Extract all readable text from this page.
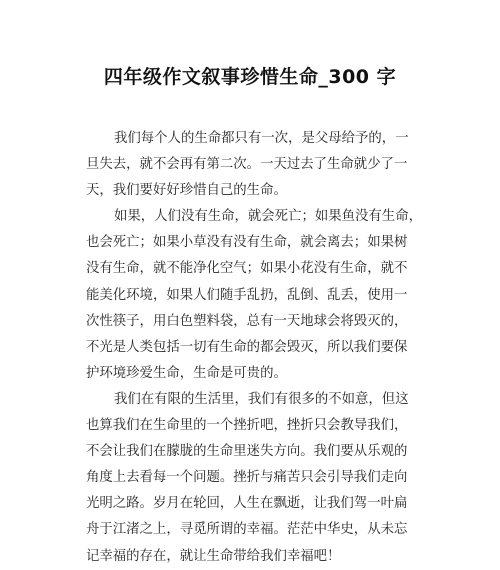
四年级作文叙事珍惜生命_300 字
我们每个人的生命都只有一次，是父母给予的，一
旦失去，就不会再有第二次。一天过去了生命就少了一
天，我们要好好珍惜自己的生命。
如果，人们没有生命，就会死亡；如果鱼没有生命，
也会死亡；如果小草没有没有生命，就会离去；如果树
没有生命，就不能净化空气；如果小花没有生命，就不
能美化环境，如果人们随手乱扔，乱倒、乱丢，使用一
次性筷子，用白色塑料袋，总有一天地球会将毁灭的，
不光是人类包括一切有生命的都会毁灭，所以我们要保
护环境珍爱生命，生命是可贵的。
我们在有限的生活里，我们有很多的不如意，但这
也算我们在生命里的一个挫折吧，挫折只会教导我们，
不会让我们在朦胧的生命里迷失方向。我们要从乐观的
角度上去看每一个问题。挫折与痛苦只会引导我们走向
光明之路。岁月在轮回，人生在飘逝，让我们驾一叶扁
舟于江渚之上，寻觅所谓的幸福。茫茫中华史，从未忘
记幸福的存在，就让生命带给我们幸福吧！
